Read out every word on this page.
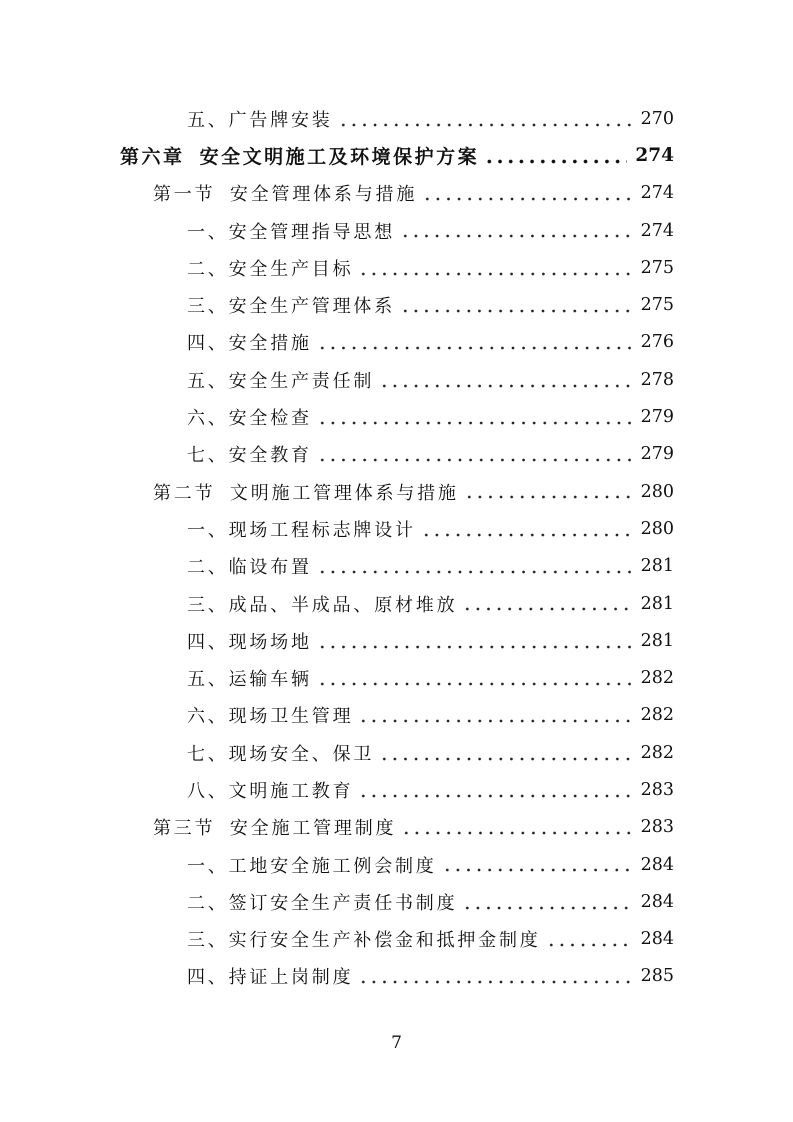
五、广告牌安装	270
第六章 安全文明施工及环境保护方案	274
第一节 安全管理体系与措施	274
一、安全管理指导思想	274
二、安全生产目标	275
三、安全生产管理体系	275
四、安全措施	276
五、安全生产责任制	278
六、安全检查	279
七、安全教育	279
第二节 文明施工管理体系与措施	280
一、现场工程标志牌设计	280
二、临设布置	281
三、成品、半成品、原材堆放	281
四、现场场地	281
五、运输车辆	282
六、现场卫生管理	282
七、现场安全、保卫	282
八、文明施工教育	283
第三节 安全施工管理制度	283
一、工地安全施工例会制度	284
二、签订安全生产责任书制度	284
三、实行安全生产补偿金和抵押金制度	284
四、持证上岗制度	285
7
